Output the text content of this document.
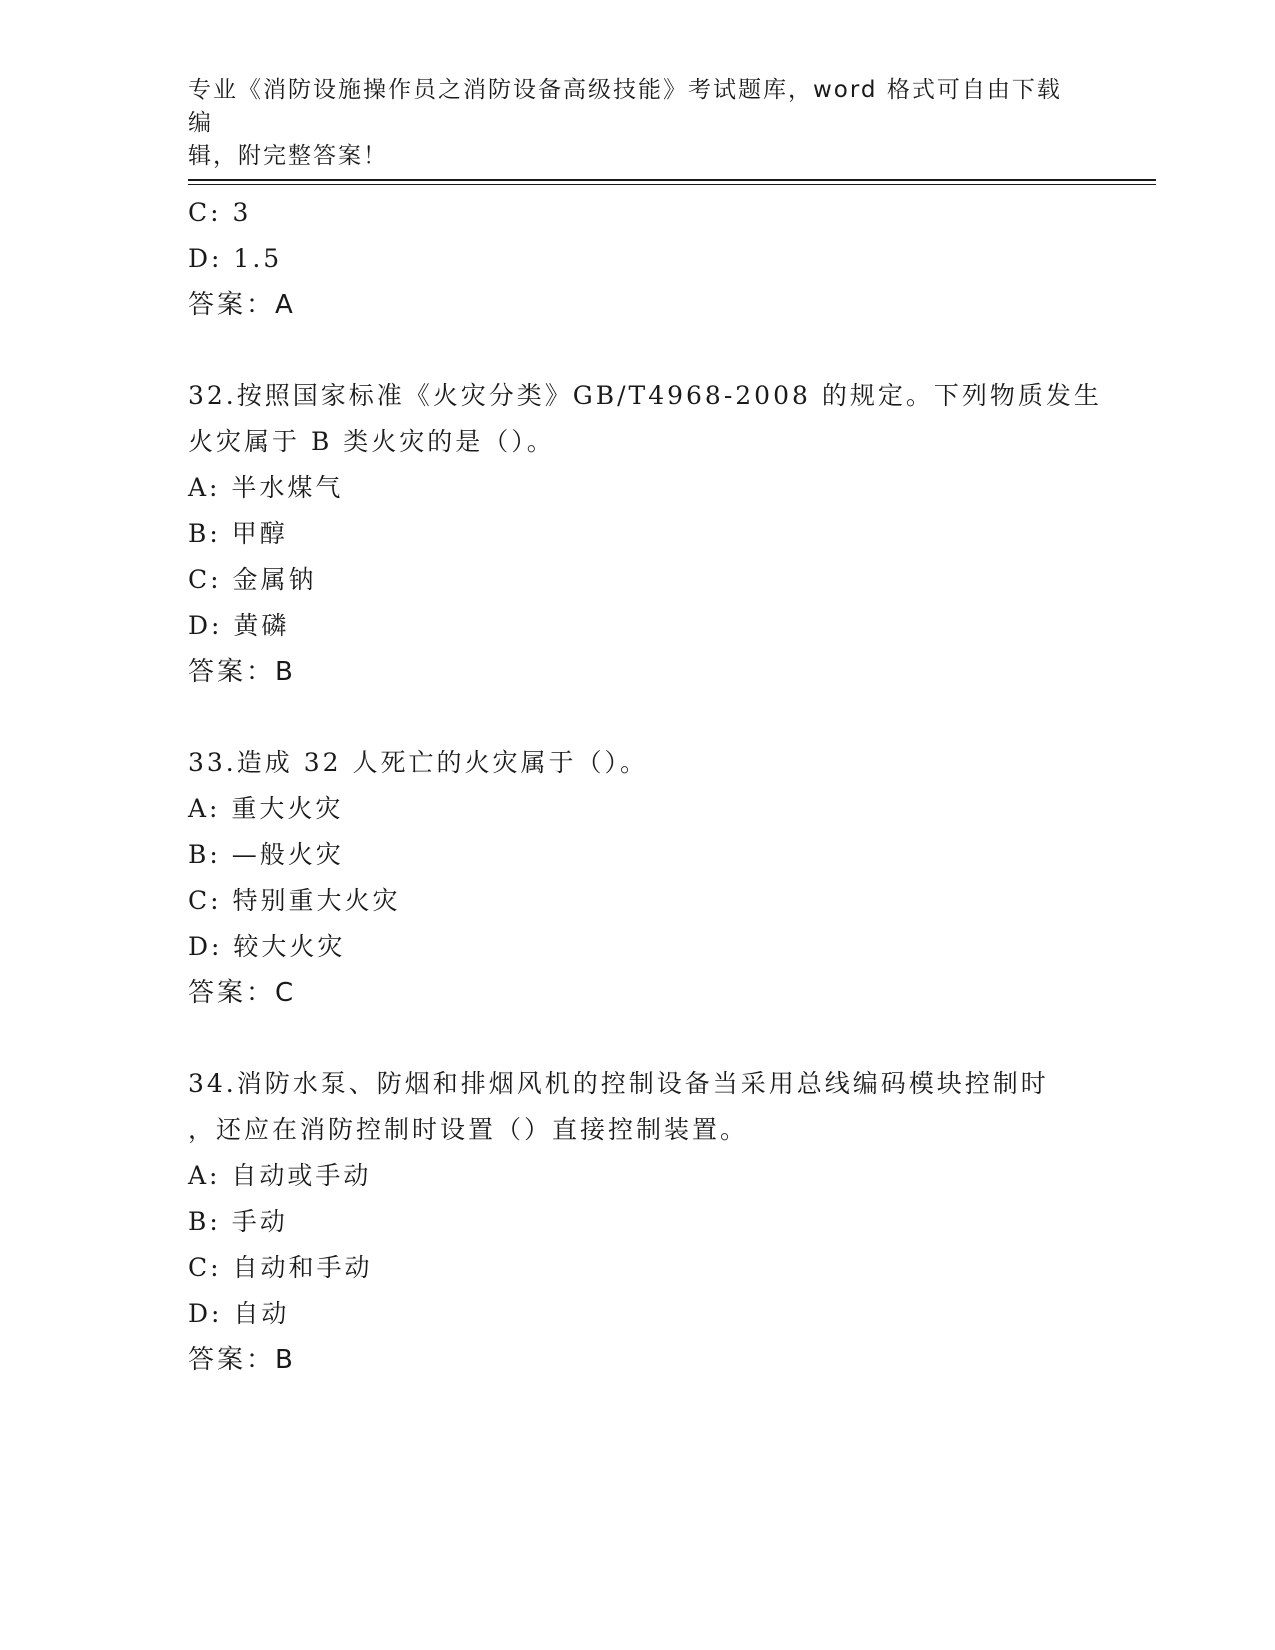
专业《消防设施操作员之消防设备高级技能》考试题库，word 格式可自由下载编
辑，附完整答案！
C: 3
D: 1.5
答案：A
32.按照国家标准《火灾分类》GB/T4968-2008 的规定。下列物质发生
火灾属于 B 类火灾的是（）。
A: 半水煤气
B: 甲醇
C: 金属钠
D: 黄磷
答案：B
33.造成 32 人死亡的火灾属于（）。
A: 重大火灾
B: —般火灾
C: 特别重大火灾
D: 较大火灾
答案：C
34.消防水泵、防烟和排烟风机的控制设备当采用总线编码模块控制时
，还应在消防控制时设置（）直接控制装置。
A: 自动或手动
B: 手动
C: 自动和手动
D: 自动
答案：B
